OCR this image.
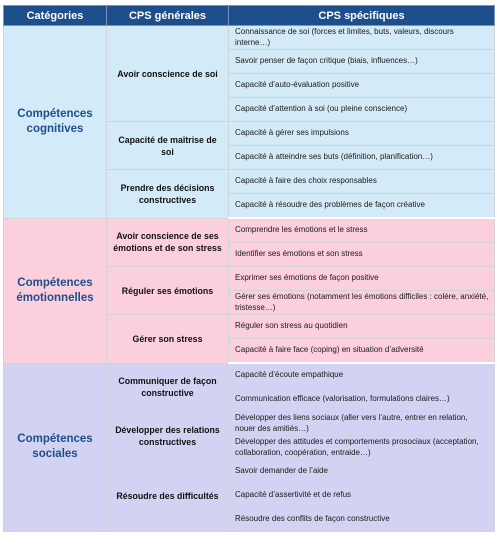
Catégories	CPS générales	CPS spécifiques
Compétences cognitives	Avoir conscience de soi	Connaissance de soi (forces et limites, buts, valeurs, discours interne…)
		Savoir penser de façon critique (biais, influences…)
		Capacité d’auto-évaluation positive
		Capacité d’attention à soi (ou pleine conscience)
	Capacité de maîtrise de soi	Capacité à gérer ses impulsions
		Capacité à atteindre ses buts (définition, planification…)
	Prendre des décisions constructives	Capacité à faire des choix responsables
		Capacité à résoudre des problèmes de façon créative
Compétences émotionnelles	Avoir conscience de ses émotions et de son stress	Comprendre les émotions et le stress
		Identifier ses émotions et son stress
	Réguler ses émotions	Exprimer ses émotions de façon positive
		Gérer ses émotions (notamment les émotions difficiles : colère, anxiété, tristesse…)
	Gérer son stress	Réguler son stress au quotidien
		Capacité à faire face (coping) en situation d’adversité
Compétences sociales	Communiquer de façon constructive	Capacité d’écoute empathique
		Communication efficace (valorisation, formulations claires…)
	Développer des relations constructives	Développer des liens sociaux (aller vers l’autre, entrer en relation, nouer des amitiés…)
		Développer des attitudes et comportements prosociaux (acceptation, collaboration, coopération, entraide…)
	Résoudre des difficultés	Savoir demander de l’aide
		Capacité d’assertivité et de refus
		Résoudre des conflits de façon constructive
